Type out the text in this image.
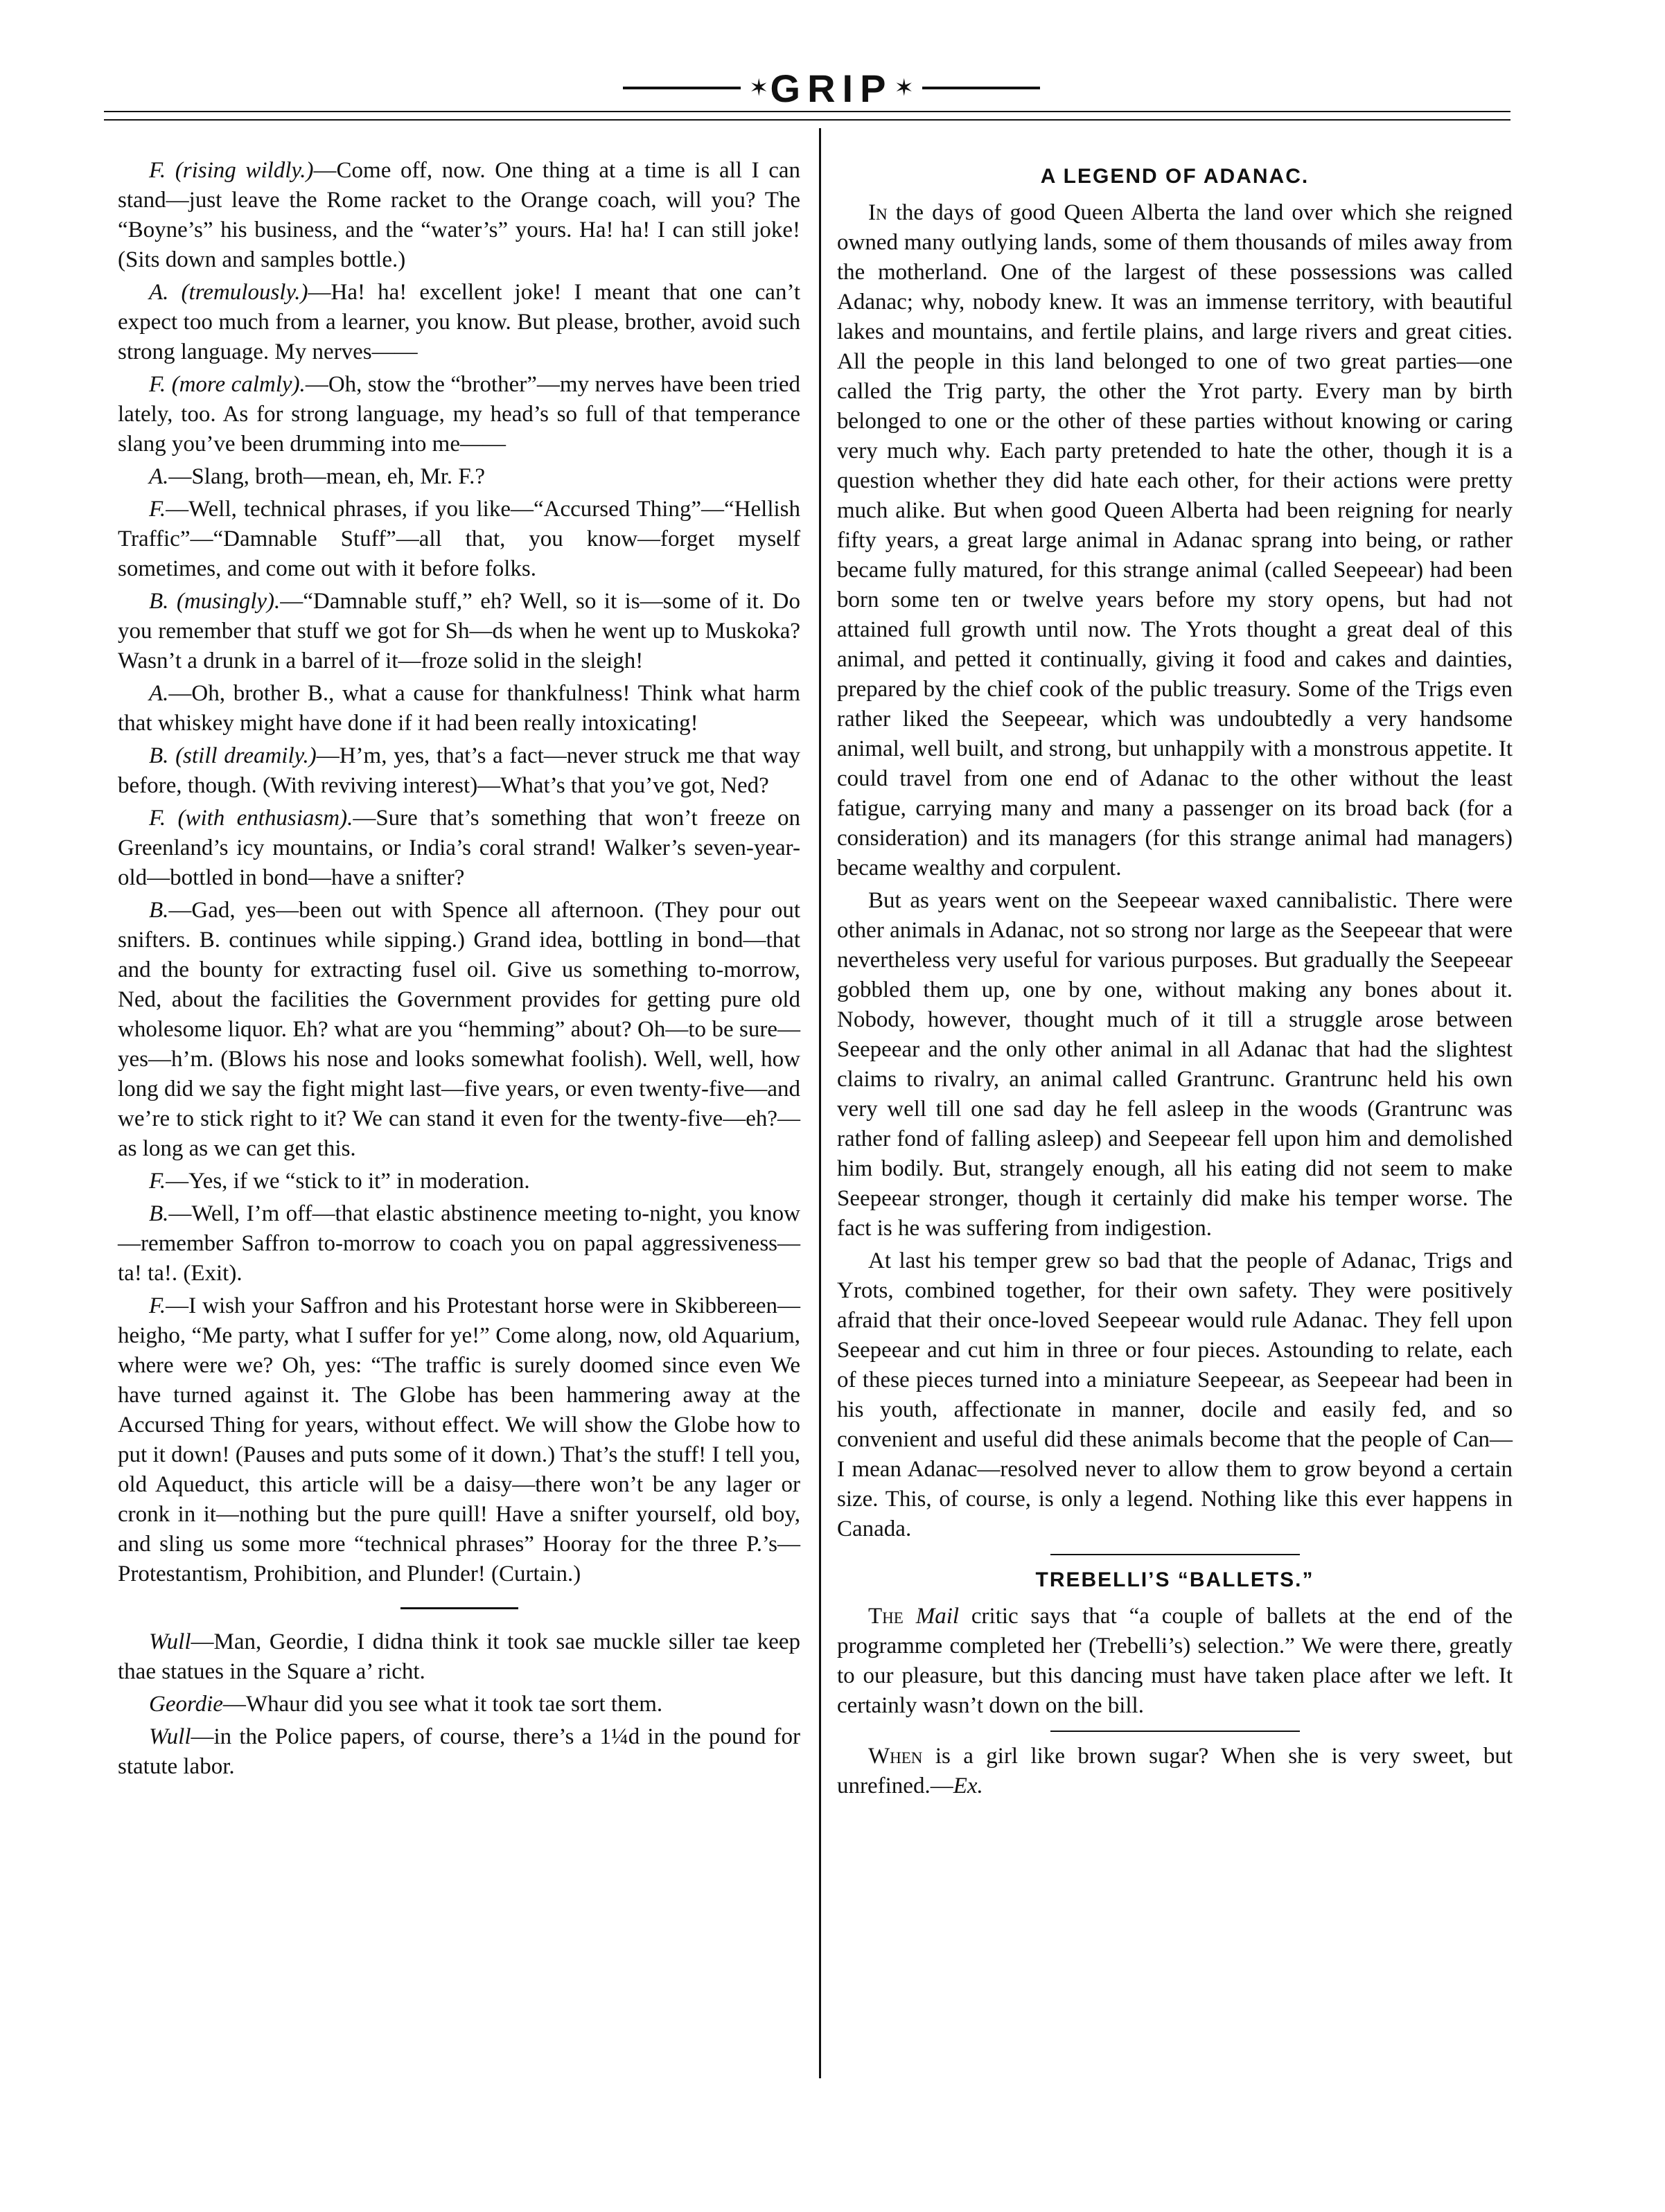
✶ GRIP ✶

F. (rising wildly.)—Come off, now. One thing at a time is all I can stand—just leave the Rome racket to the Orange coach, will you? The “Boyne’s” his business, and the “water’s” yours. Ha! ha! I can still joke! (Sits down and samples bottle.)

A. (tremulously.)—Ha! ha! excellent joke! I meant that one can’t expect too much from a learner, you know. But please, brother, avoid such strong language. My nerves——

F. (more calmly).—Oh, stow the “brother”—my nerves have been tried lately, too. As for strong language, my head’s so full of that temperance slang you’ve been drumming into me——

A.—Slang, broth—mean, eh, Mr. F.?

F.—Well, technical phrases, if you like—“Accursed Thing”—“Hellish Traffic”—“Damnable Stuff”—all that, you know—forget myself sometimes, and come out with it before folks.

B. (musingly).—“Damnable stuff,” eh? Well, so it is—some of it. Do you remember that stuff we got for Sh—ds when he went up to Muskoka? Wasn’t a drunk in a barrel of it—froze solid in the sleigh!

A.—Oh, brother B., what a cause for thankfulness! Think what harm that whiskey might have done if it had been really intoxicating!

B. (still dreamily.)—H’m, yes, that’s a fact—never struck me that way before, though. (With reviving interest)—What’s that you’ve got, Ned?

F. (with enthusiasm).—Sure that’s something that won’t freeze on Greenland’s icy mountains, or India’s coral strand! Walker’s seven-year-old—bottled in bond—have a snifter?

B.—Gad, yes—been out with Spence all afternoon. (They pour out snifters. B. continues while sipping.) Grand idea, bottling in bond—that and the bounty for extracting fusel oil. Give us something to-morrow, Ned, about the facilities the Government provides for getting pure old wholesome liquor. Eh? what are you “hemming” about? Oh—to be sure—yes—h’m. (Blows his nose and looks somewhat foolish). Well, well, how long did we say the fight might last—five years, or even twenty-five—and we’re to stick right to it? We can stand it even for the twenty-five—eh?—as long as we can get this.

F.—Yes, if we “stick to it” in moderation.

B.—Well, I’m off—that elastic abstinence meeting to-night, you know—remember Saffron to-morrow to coach you on papal aggressiveness—ta! ta!. (Exit).

F.—I wish your Saffron and his Protestant horse were in Skibbereen—heigho, “Me party, what I suffer for ye!” Come along, now, old Aquarium, where were we? Oh, yes: “The traffic is surely doomed since even We have turned against it. The Globe has been hammering away at the Accursed Thing for years, without effect. We will show the Globe how to put it down! (Pauses and puts some of it down.) That’s the stuff! I tell you, old Aqueduct, this article will be a daisy—there won’t be any lager or cronk in it—nothing but the pure quill! Have a snifter yourself, old boy, and sling us some more “technical phrases” Hooray for the three P.’s—Protestantism, Prohibition, and Plunder! (Curtain.)

Wull—Man, Geordie, I didna think it took sae muckle siller tae keep thae statues in the Square a’ richt.

Geordie—Whaur did you see what it took tae sort them.

Wull—in the Police papers, of course, there’s a 1¼d in the pound for statute labor.

A LEGEND OF ADANAC.

In the days of good Queen Alberta the land over which she reigned owned many outlying lands, some of them thousands of miles away from the motherland. One of the largest of these possessions was called Adanac; why, nobody knew. It was an immense territory, with beautiful lakes and mountains, and fertile plains, and large rivers and great cities. All the people in this land belonged to one of two great parties—one called the Trig party, the other the Yrot party. Every man by birth belonged to one or the other of these parties without knowing or caring very much why. Each party pretended to hate the other, though it is a question whether they did hate each other, for their actions were pretty much alike. But when good Queen Alberta had been reigning for nearly fifty years, a great large animal in Adanac sprang into being, or rather became fully matured, for this strange animal (called Seepeear) had been born some ten or twelve years before my story opens, but had not attained full growth until now. The Yrots thought a great deal of this animal, and petted it continually, giving it food and cakes and dainties, prepared by the chief cook of the public treasury. Some of the Trigs even rather liked the Seepeear, which was undoubtedly a very handsome animal, well built, and strong, but unhappily with a monstrous appetite. It could travel from one end of Adanac to the other without the least fatigue, carrying many and many a passenger on its broad back (for a consideration) and its managers (for this strange animal had managers) became wealthy and corpulent.

But as years went on the Seepeear waxed cannibalistic. There were other animals in Adanac, not so strong nor large as the Seepeear that were nevertheless very useful for various purposes. But gradually the Seepeear gobbled them up, one by one, without making any bones about it. Nobody, however, thought much of it till a struggle arose between Seepeear and the only other animal in all Adanac that had the slightest claims to rivalry, an animal called Grantrunc. Grantrunc held his own very well till one sad day he fell asleep in the woods (Grantrunc was rather fond of falling asleep) and Seepeear fell upon him and demolished him bodily. But, strangely enough, all his eating did not seem to make Seepeear stronger, though it certainly did make his temper worse. The fact is he was suffering from indigestion.

At last his temper grew so bad that the people of Adanac, Trigs and Yrots, combined together, for their own safety. They were positively afraid that their once-loved Seepeear would rule Adanac. They fell upon Seepeear and cut him in three or four pieces. Astounding to relate, each of these pieces turned into a miniature Seepeear, as Seepeear had been in his youth, affectionate in manner, docile and easily fed, and so convenient and useful did these animals become that the people of Can—I mean Adanac—resolved never to allow them to grow beyond a certain size. This, of course, is only a legend. Nothing like this ever happens in Canada.

TREBELLI’S “BALLETS.”

The Mail critic says that “a couple of ballets at the end of the programme completed her (Trebelli’s) selection.” We were there, greatly to our pleasure, but this dancing must have taken place after we left. It certainly wasn’t down on the bill.

When is a girl like brown sugar? When she is very sweet, but unrefined.—Ex.
